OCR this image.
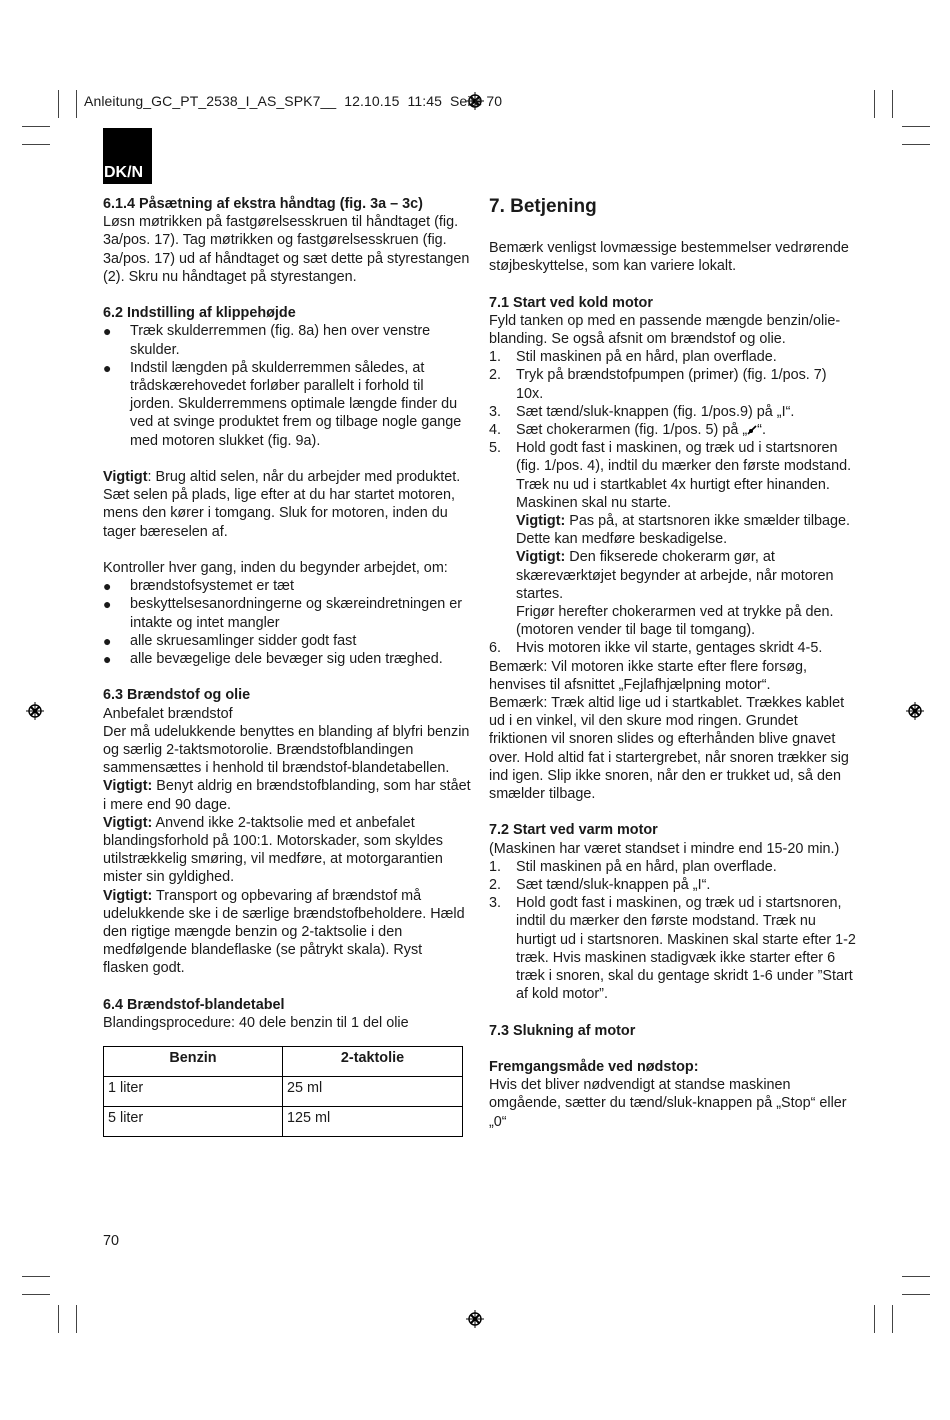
Anleitung_GC_PT_2538_I_AS_SPK7__  12.10.15  11:45  Seite 70
DK/N
6.1.4 Påsætning af ekstra håndtag (fig. 3a – 3c)

Løsn møtrikken på fastgørelsesskruen til håndtaget (fig. 3a/pos. 17). Tag møtrikken og fastgørelsesskruen (fig. 3a/pos. 17) ud af håndtaget og sæt dette på styrestangen (2). Skru nu håndtaget på styrestangen.

6.2 Indstilling af klippehøjde
● Træk skulderremmen (fig. 8a) hen over venstre skulder.
● Indstil længden på skulderremmen således, at trådskærehovedet forløber parallelt i forhold til jorden. Skulderremmens optimale længde finder du ved at svinge produktet frem og tilbage nogle gange med motoren slukket (fig. 9a).

Vigtigt: Brug altid selen, når du arbejder med produktet. Sæt selen på plads, lige efter at du har startet motoren, mens den kører i tomgang. Sluk for motoren, inden du tager bæreselen af.

Kontroller hver gang, inden du begynder arbejdet, om:

● brændstofsystemet er tæt
● beskyttelsesanordningerne og skæreindretningen er intakte og intet mangler
● alle skruesamlinger sidder godt fast
● alle bevægelige dele bevæger sig uden træghed.
6.3 Brændstof og olie

Anbefalet brændstof

Der må udelukkende benyttes en blanding af blyfri benzin og særlig 2-taktsmotorolie. Brændstofblandingen sammensættes i henhold til brændstof-blandetabellen.

Vigtigt: Benyt aldrig en brændstofblanding, som har stået i mere end 90 dage.

Vigtigt: Anvend ikke 2-taktsolie med et anbefalet blandingsforhold på 100:1. Motorskader, som skyldes utilstrækkelig smøring, vil medføre, at motorgarantien mister sin gyldighed.

Vigtigt: Transport og opbevaring af brændstof må udelukkende ske i de særlige brændstofbeholdere. Hæld den rigtige mængde benzin og 2-taktsolie i den medfølgende blandeflaske (se påtrykt skala). Ryst flasken godt.

6.4 Brændstof-blandetabel

Blandingsprocedure: 40 dele benzin til 1 del olie

Benzin	2-taktolie
1 liter	25 ml
5 liter	125 ml
7. Betjening

Bemærk venligst lovmæssige bestemmelser vedrørende støjbeskyttelse, som kan variere lokalt.

7.1 Start ved kold motor

Fyld tanken op med en passende mængde benzin/olie-blanding. Se også afsnit om brændstof og olie.

1. Stil maskinen på en hård, plan overflade.
2. Tryk på brændstofpumpen (primer) (fig. 1/pos. 7) 10x.
3. Sæt tænd/sluk-knappen (fig. 1/pos.9) på „I“.
4. Sæt chokerarmen (fig. 1/pos. 5) på „ “.
5. Hold godt fast i maskinen, og træk ud i startsnoren (fig. 1/pos. 4), indtil du mærker den første modstand. Træk nu ud i startkablet 4x hurtigt efter hinanden. Maskinen skal nu starte.
Vigtigt: Pas på, at startsnoren ikke smælder tilbage. Dette kan medføre beskadigelse.
Vigtigt: Den fikserede chokerarm gør, at skæreværktøjet begynder at arbejde, når motoren startes.
Frigør herefter chokerarmen ved at trykke på den. (motoren vender til bage til tomgang).
6. Hvis motoren ikke vil starte, gentages skridt 4-5.

Bemærk: Vil motoren ikke starte efter flere forsøg, henvises til afsnittet „Fejlafhjælpning motor“.

Bemærk: Træk altid lige ud i startkablet. Trækkes kablet ud i en vinkel, vil den skure mod ringen. Grundet friktionen vil snoren slides og efterhånden blive gnavet over. Hold altid fat i startergrebet, når snoren trækker sig ind igen. Slip ikke snoren, når den er trukket ud, så den smælder tilbage.

7.2 Start ved varm motor

(Maskinen har været standset i mindre end 15-20 min.)

1. Stil maskinen på en hård, plan overflade.
2. Sæt tænd/sluk-knappen på „I“.
3. Hold godt fast i maskinen, og træk ud i startsnoren, indtil du mærker den første modstand. Træk nu hurtigt ud i startsnoren. Maskinen skal starte efter 1-2 træk. Hvis maskinen stadigvæk ikke starter efter 6 træk i snoren, skal du gentage skridt 1-6 under ”Start af kold motor”.
7.3 Slukning af motor
Fremgangsmåde ved nødstop:

Hvis det bliver nødvendigt at standse maskinen omgående, sætter du tænd/sluk-knappen på „Stop“ eller „0“

70
